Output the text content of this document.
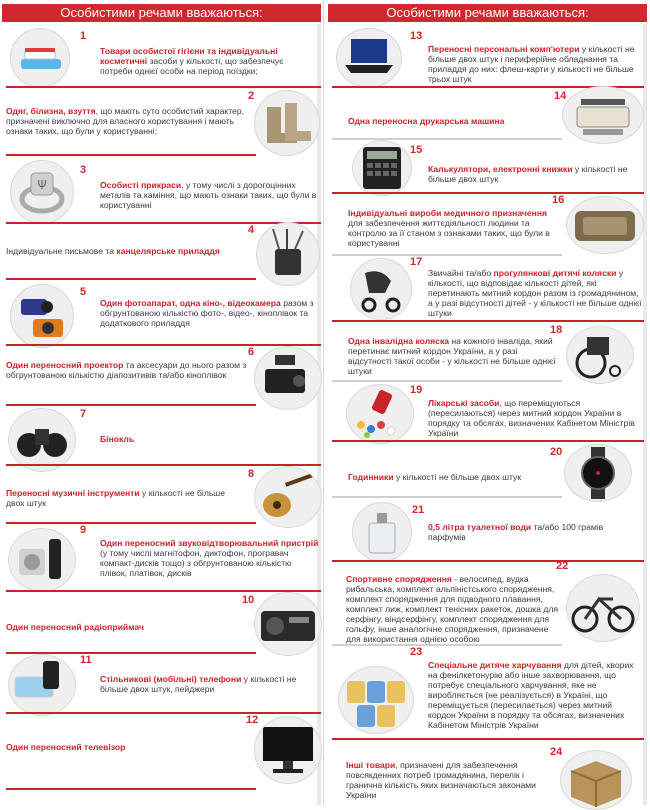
Особистими речами вважаються:
1
Товари особистої гігієни та індивідуальні косметичні засоби у кількості, що забезпечує потреби однієї особи на період поїздки;
2
Одяг, білизна, взуття, що мають суто особистий характер, призначені виключно для власного користування і мають ознаки таких, що були у користуванні;
Ψ
3
Особисті прикраси, у тому числі з дорогоцінних металів та каміння, що мають ознаки таких, що були в користуванні
4
Індивідуальне письмове та канцелярське приладдя
5
Один фотоапарат, одна кіно-, відеокамера разом з обгрунтованою кількістю фото-, відео-, кіноплівок та додаткового приладдя
6
Один переносний проектор та аксесуари до нього разом з обгрунтованою кількістю діапозитивів та/або кіноплівок
7
Бінокль
8
Переносні музичні інструменти у кількості не більше двох штук
9
Один переносний звуковідтворювальний пристрій (у тому числі магнітофон, диктофон, програвач компакт-дисків тощо) з обгрунтованою кількістю плівок, платівок, дисків
10
Один переносний радіоприймач
11
Стільникові (мобільні) телефони у кількості не більше двох штук, пейджери
12
Один переносний телевізор
Особистими речами вважаються:
13
Переносні персональні комп'ютери у кількості не більше двох штук і периферійне обладнання та приладдя до них: флеш-карти у кількості не більше трьох штук
14
Одна переносна друкарська машина
15
Калькулятори, електронні книжки у кількості не більше двох штук
16
Індивідуальні вироби медичного призначення для забезпечення життєдіяльності людини та контролю за її станом з ознаками таких, що були в користуванні
17
Звичайні та/або прогулянкові дитячі коляски у кількості, що відповідає кількості дітей, які перетинають митний кордон разом із громадянином, а у разі відсутності дітей - у кількості не більше однієї штуки
18
Одна інвалідна коляска на кожного інваліда, який перетинає митний кордон України, а у разі відсутності такої особи - у кількості не більше однієї штуки
19
Лікарські засоби, що переміщуються (пересилаються) через митний кордон України в порядку та обсягах, визначених Кабінетом Міністрів України
20
Годинники у кількості не більше двох штук
21
0,5 літра туалетної води та/або 100 грамів парфумів
22
Спортивне спорядження - велосипед, вудка рибальська, комплект альпіністського спорядження, комплект спорядження для підводного плавання, комплект лиж, комплект тенісних ракеток, дошка для серфінгу, віндсерфінгу, комплект спорядження для гольфу, інше аналогічне спорядження, призначене для використання однією особою
23
Спеціальне дитяче харчування для дітей, хворих на фенілкетонурію або інше захворювання, що потребує спеціального харчування, яке не виробляється (не реалізується) в Україні, що переміщується (пересилається) через митний кордон України в порядку та обсягах, визначених Кабінетом Міністрів України
24
Інші товари, призначені для забезпечення повсякденних потреб громадянина, перелік і гранична кількість яких визначаються законами України
